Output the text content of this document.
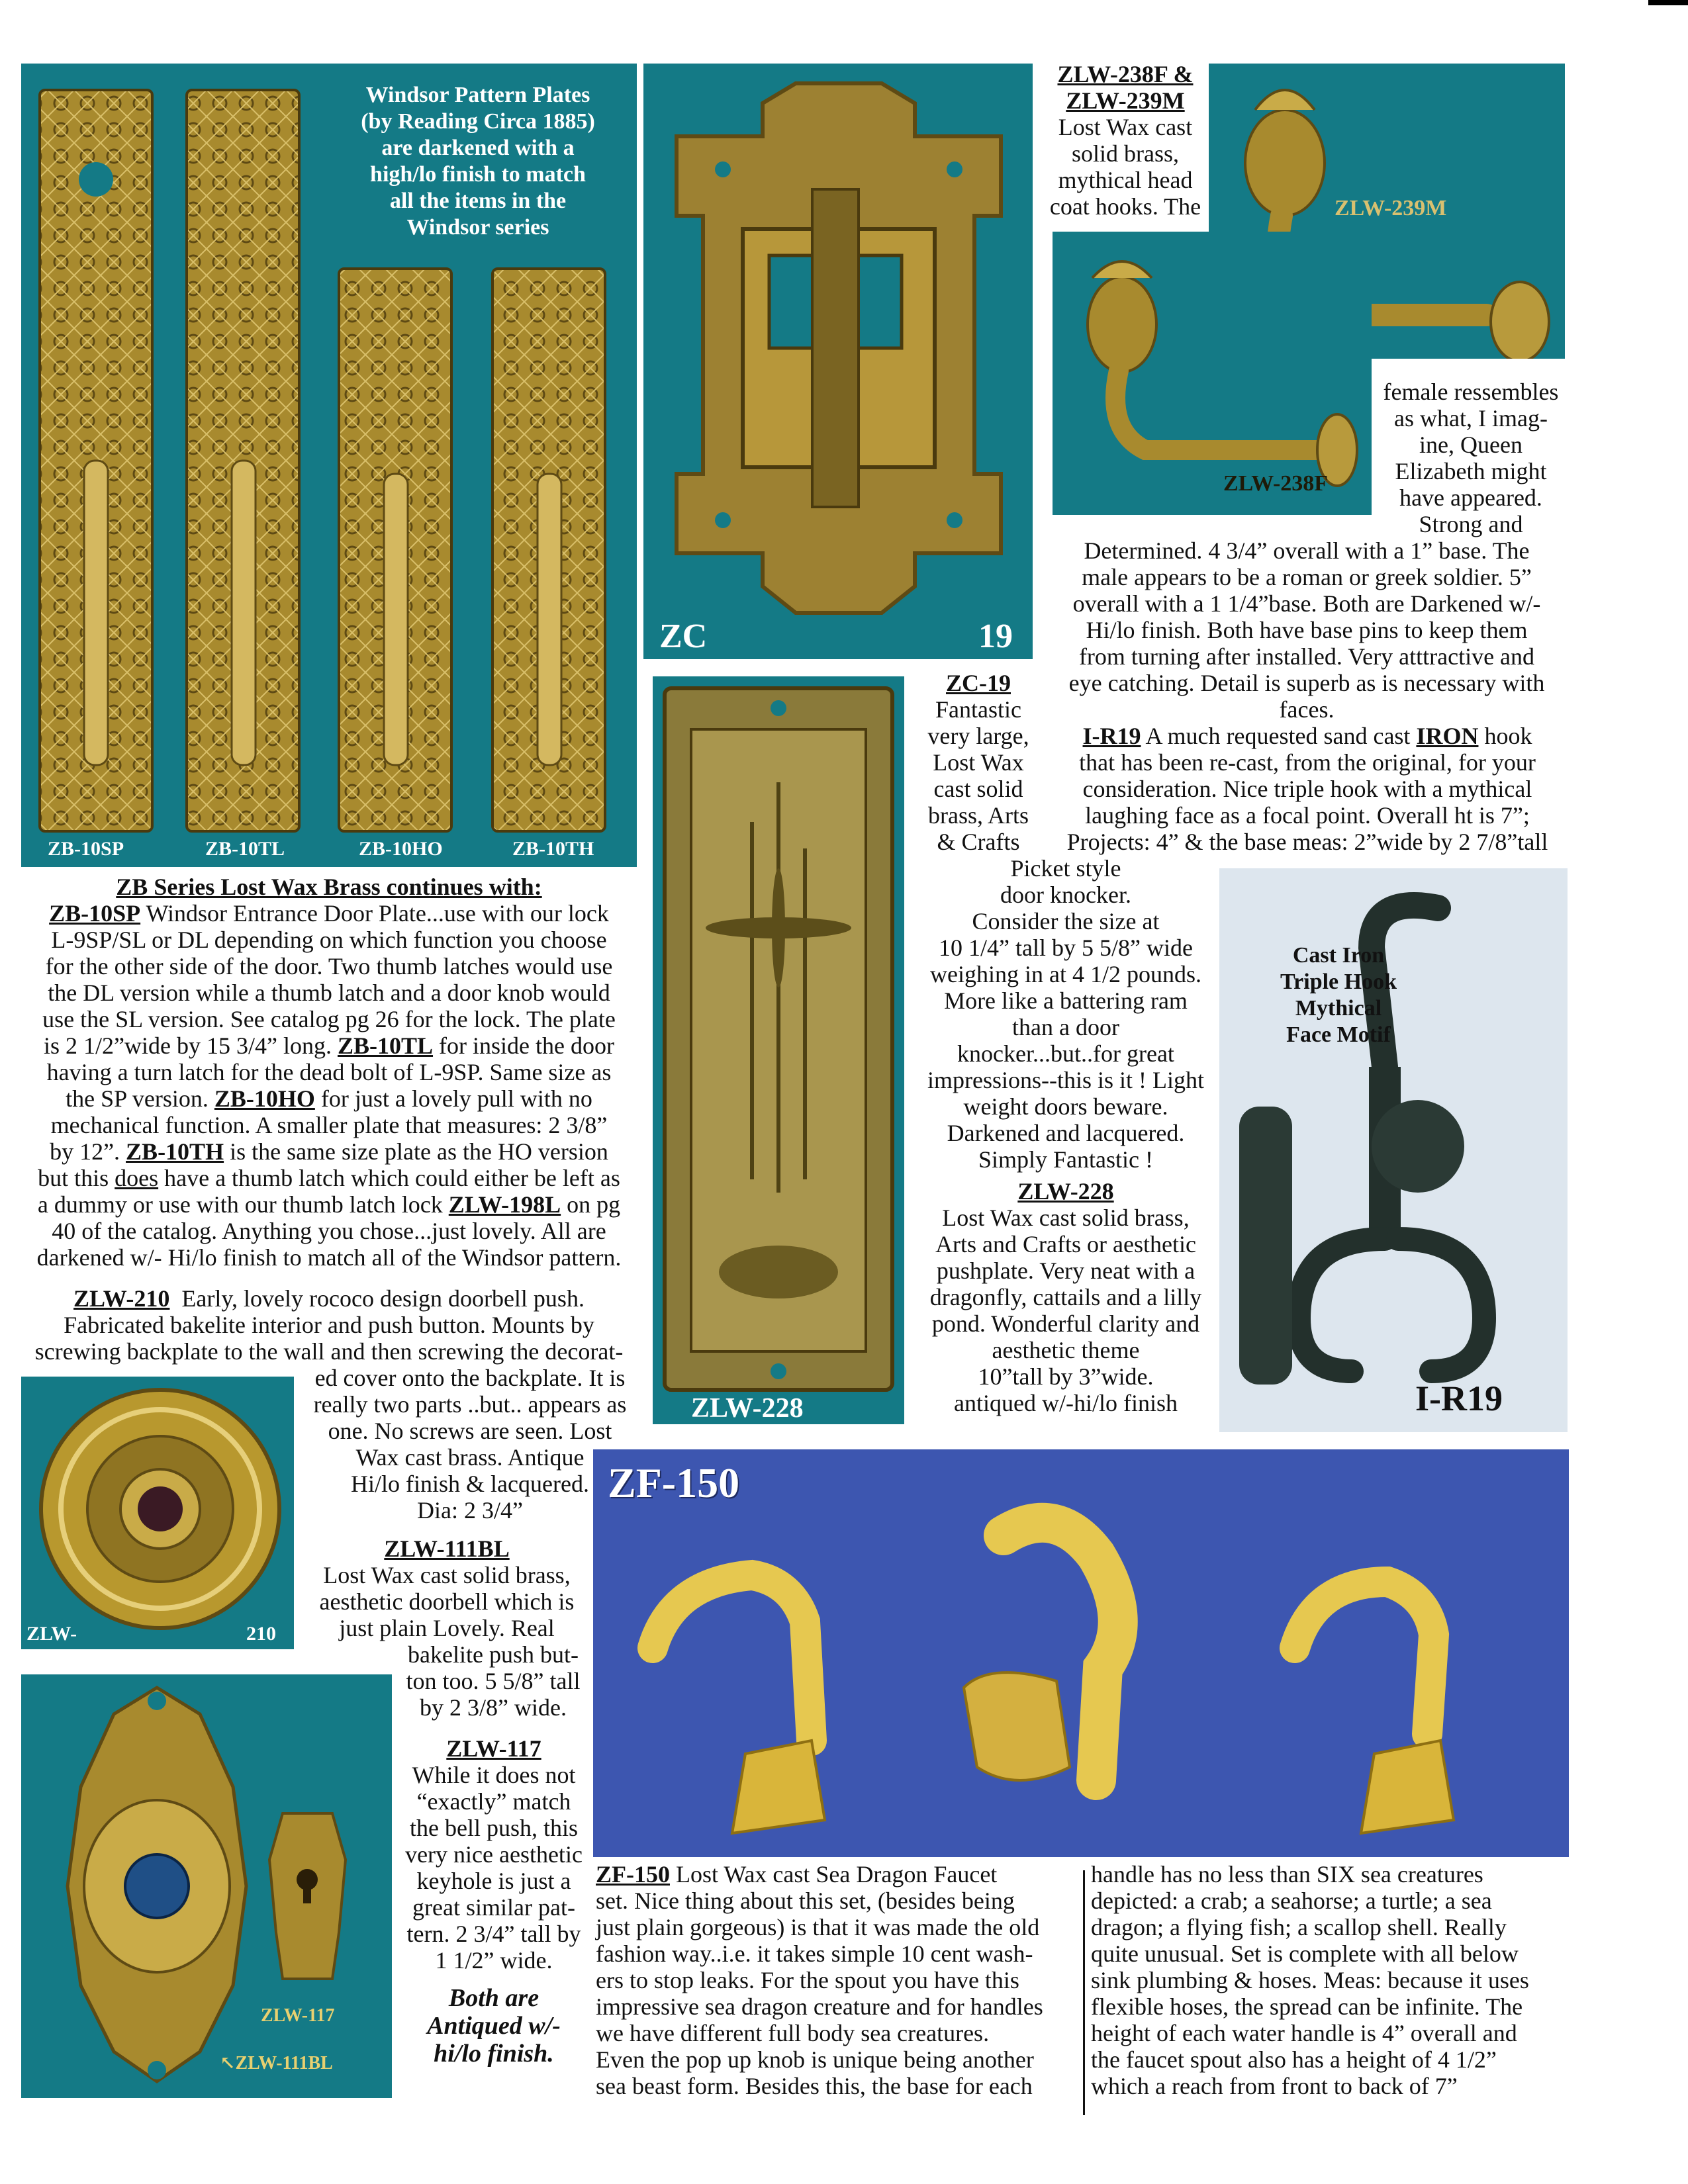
Windsor Pattern Plates
(by Reading Circa 1885)
are darkened with a
high/lo finish to match
all the items in the
Windsor series
ZB-10SP	ZB-10TL	ZB-10HO	ZB-10TH
ZB Series Lost Wax Brass continues with:
ZB-10SP Windsor Entrance Door Plate...use with our lock
L-9SP/SL or DL depending on which function you choose
for the other side of the door. Two thumb latches would use
the DL version while a thumb latch and a door knob would
use the SL version. See catalog pg 26 for the lock. The plate
is 2 1/2”wide by 15 3/4” long. ZB-10TL for inside the door
having a turn latch for the dead bolt of L-9SP. Same size as
the SP version. ZB-10HO for just a lovely pull with no
mechanical function. A smaller plate that measures: 2 3/8”
by 12”. ZB-10TH is the same size plate as the HO version
but this does have a thumb latch which could either be left as
a dummy or use with our thumb latch lock ZLW-198L on pg
40 of the catalog. Anything you chose...just lovely. All are
darkened w/- Hi/lo finish to match all of the Windsor pattern.
ZLW-210 Early, lovely rococo design doorbell push.
Fabricated bakelite interior and push button. Mounts by
screwing backplate to the wall and then screwing the decorat-
ed cover onto the backplate. It is
really two parts ..but.. appears as
one. No screws are seen. Lost
Wax cast brass. Antique
Hi/lo finish & lacquered.
Dia: 2 3/4”
ZLW-	210
ZLW-111BL
Lost Wax cast solid brass,
aesthetic doorbell which is
just plain Lovely. Real
bakelite push but-
ton too. 5 5/8” tall
by 2 3/8” wide.
ZLW-117
↖ZLW-111BL
ZLW-117
While it does not
“exactly” match
the bell push, this
very nice aesthetic
keyhole is just a
great similar pat-
tern. 2 3/4” tall by
1 1/2” wide.
Both are
Antiqued w/-
hi/lo finish.
ZC	19
ZLW-228
ZC-19
Fantastic
very large,
Lost Wax
cast solid
brass, Arts
& Crafts
Picket style
door knocker.
Consider the size at
10 1/4” tall by 5 5/8” wide
weighing in at 4 1/2 pounds.
More like a battering ram
than a door
knocker...but..for great
impressions--this is it ! Light
weight doors beware.
Darkened and lacquered.
Simply Fantastic !
ZLW-228
Lost Wax cast solid brass,
Arts and Crafts or aesthetic
pushplate. Very neat with a
dragonfly, cattails and a lilly
pond. Wonderful clarity and
aesthetic theme
10”tall by 3”wide.
antiqued w/-hi/lo finish
ZLW-238F &
ZLW-239M
Lost Wax cast
solid brass,
mythical head
coat hooks. The	ZLW-239M
ZLW-238F
female ressembles
as what, I imag-
ine, Queen
Elizabeth might
have appeared.
Strong and
Determined. 4 3/4” overall with a 1” base. The
male appears to be a roman or greek soldier. 5”
overall with a 1 1/4”base. Both are Darkened w/-
Hi/lo finish. Both have base pins to keep them
from turning after installed. Very atttractive and
eye catching. Detail is superb as is necessary with
faces.
I-R19 A much requested sand cast IRON hook
that has been re-cast, from the original, for your
consideration. Nice triple hook with a mythical
laughing face as a focal point. Overall ht is 7”;
Projects: 4” & the base meas: 2”wide by 2 7/8”tall
Cast Iron
Triple Hook
Mythical
Face Motif
I-R19
ZF-150
ZF-150 Lost Wax cast Sea Dragon Faucet
set. Nice thing about this set, (besides being
just plain gorgeous) is that it was made the old
fashion way..i.e. it takes simple 10 cent wash-
ers to stop leaks. For the spout you have this
impressive sea dragon creature and for handles
we have different full body sea creatures.
Even the pop up knob is unique being another
sea beast form. Besides this, the base for each
handle has no less than SIX sea creatures
depicted: a crab; a seahorse; a turtle; a sea
dragon; a flying fish; a scallop shell. Really
quite unusual. Set is complete with all below
sink plumbing & hoses. Meas: because it uses
flexible hoses, the spread can be infinite. The
height of each water handle is 4” overall and
the faucet spout also has a height of 4 1/2”
which a reach from front to back of 7”
